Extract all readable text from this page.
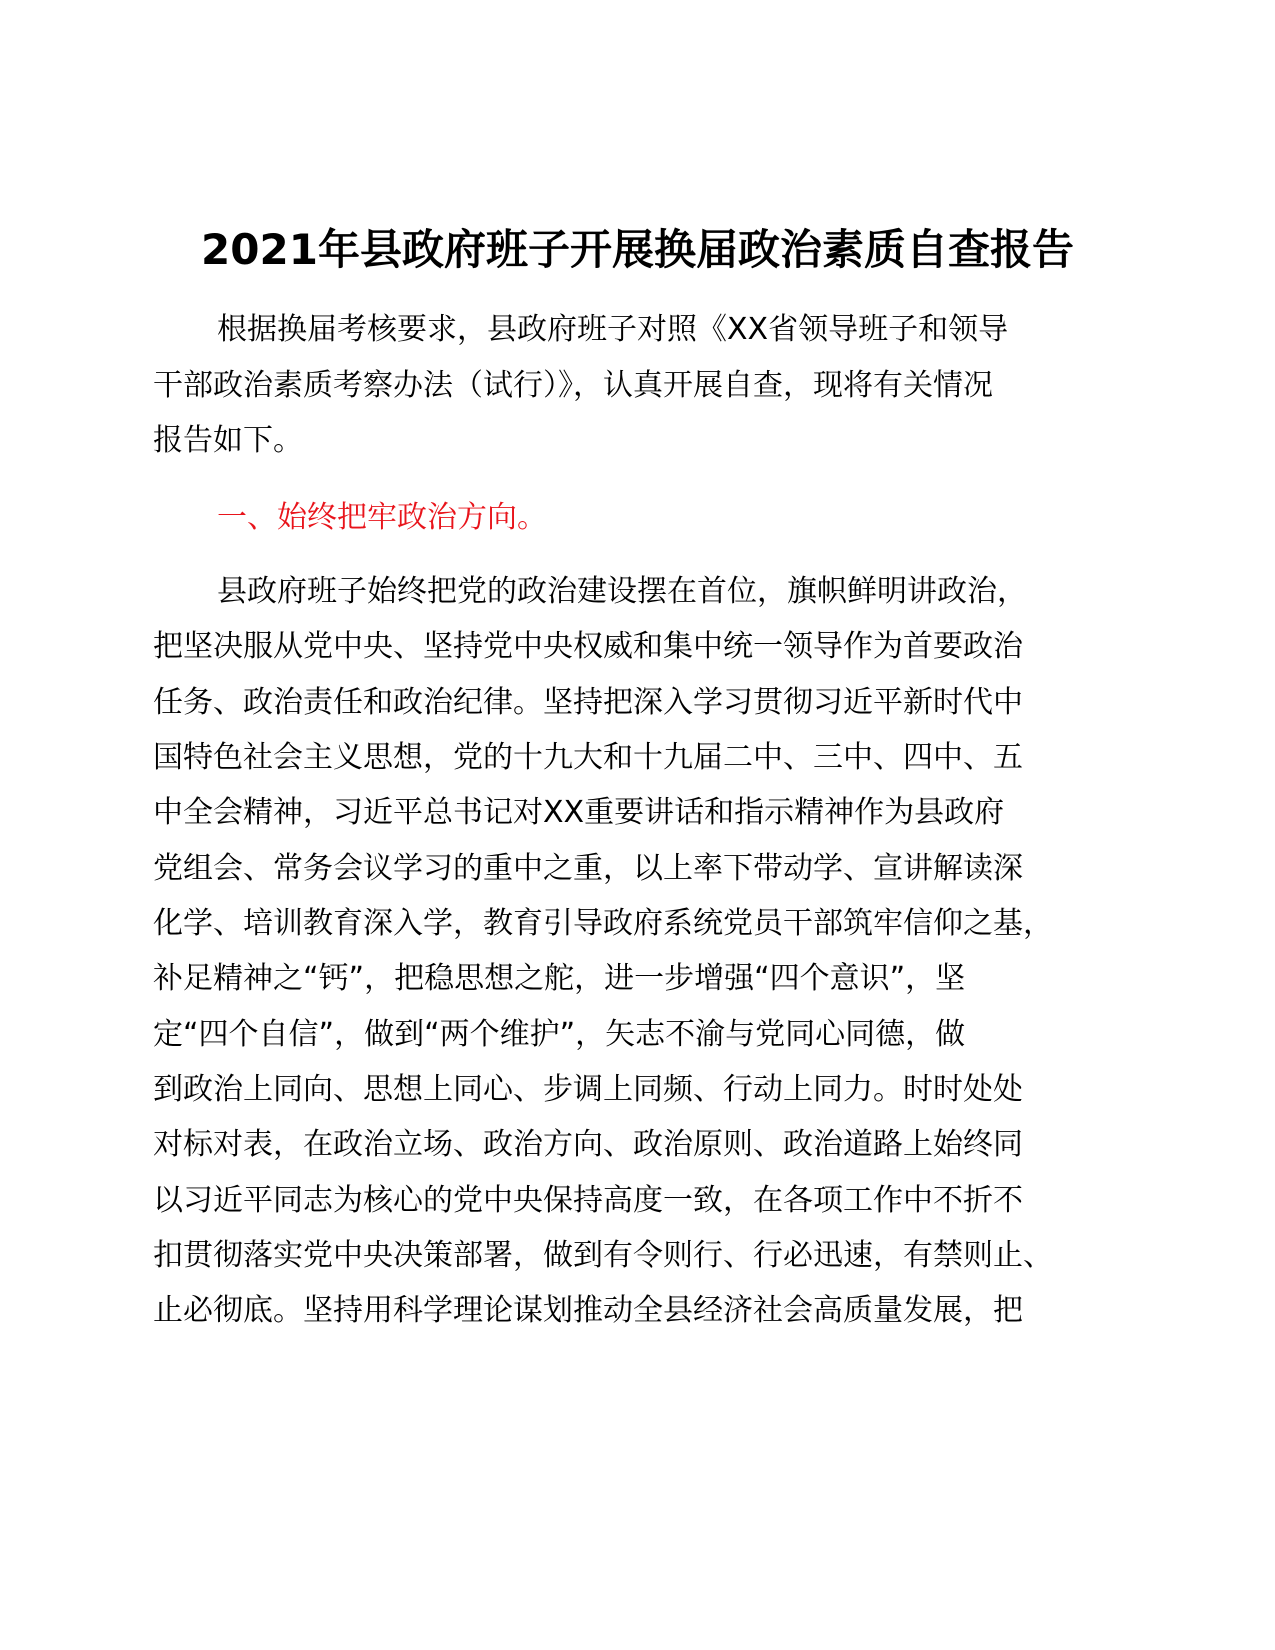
2021年县政府班子开展换届政治素质自查报告
根据换届考核要求，县政府班子对照《XX省领导班子和领导
干部政治素质考察办法（试行）》，认真开展自查，现将有关情况
报告如下。
一、始终把牢政治方向。
县政府班子始终把党的政治建设摆在首位，旗帜鲜明讲政治，
把坚决服从党中央、坚持党中央权威和集中统一领导作为首要政治
任务、政治责任和政治纪律。坚持把深入学习贯彻习近平新时代中
国特色社会主义思想，党的十九大和十九届二中、三中、四中、五
中全会精神，习近平总书记对XX重要讲话和指示精神作为县政府
党组会、常务会议学习的重中之重，以上率下带动学、宣讲解读深
化学、培训教育深入学，教育引导政府系统党员干部筑牢信仰之基，
补足精神之“钙”，把稳思想之舵，进一步增强“四个意识”，坚
定“四个自信”，做到“两个维护”，矢志不渝与党同心同德，做
到政治上同向、思想上同心、步调上同频、行动上同力。时时处处
对标对表，在政治立场、政治方向、政治原则、政治道路上始终同
以习近平同志为核心的党中央保持高度一致，在各项工作中不折不
扣贯彻落实党中央决策部署，做到有令则行、行必迅速，有禁则止、
止必彻底。坚持用科学理论谋划推动全县经济社会高质量发展，把
